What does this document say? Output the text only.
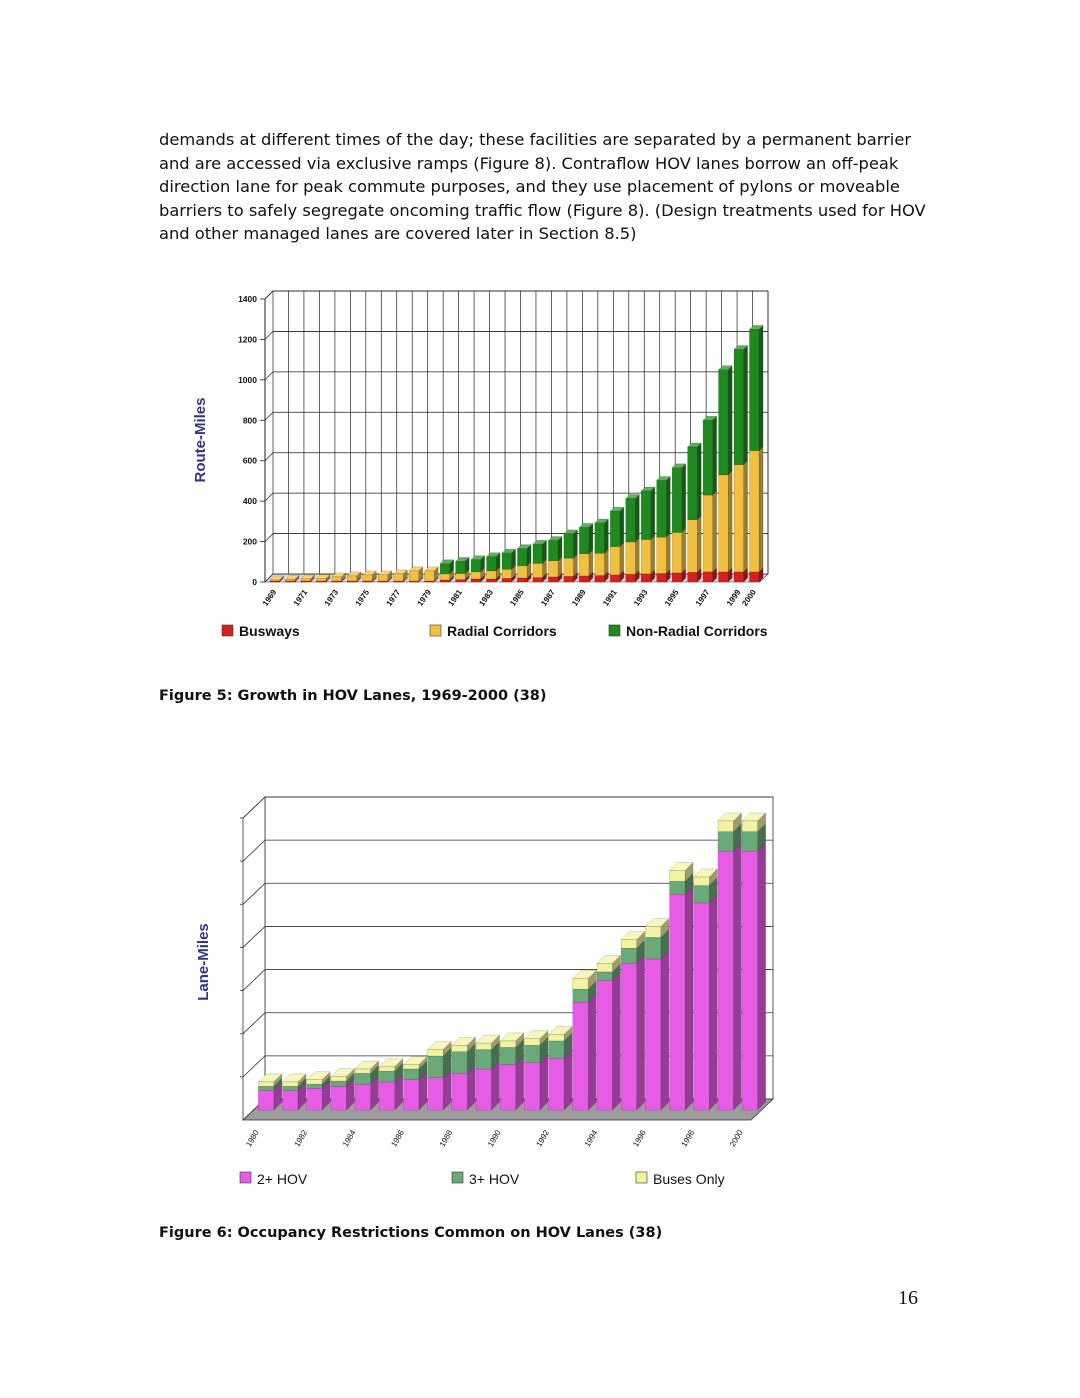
demands at different times of the day; these facilities are separated by a permanent barrier and are accessed via exclusive ramps (Figure 8). Contraflow HOV lanes borrow an off-peak direction lane for peak commute purposes, and they use placement of pylons or moveable barriers to safely segregate oncoming traffic flow (Figure 8). (Design treatments used for HOV and other managed lanes are covered later in Section 8.5)
0
200
400
600
800
1000
1200
1400
1969 1971 1973 1975 1977 1979 1981 1983 1985 1987 1989 1991 1993 1995 1997 1999
2000
Route-Miles
Busways	Radial Corridors	Non-Radial Corridors
Figure 5: Growth in HOV Lanes, 1969-2000 (38)
1980	1982	1984	1986	1988	1990	1992	1994	1996	1998	2000
Lane-Miles
2+ HOV	3+ HOV	Buses Only
Figure 6: Occupancy Restrictions Common on HOV Lanes (38)
16
